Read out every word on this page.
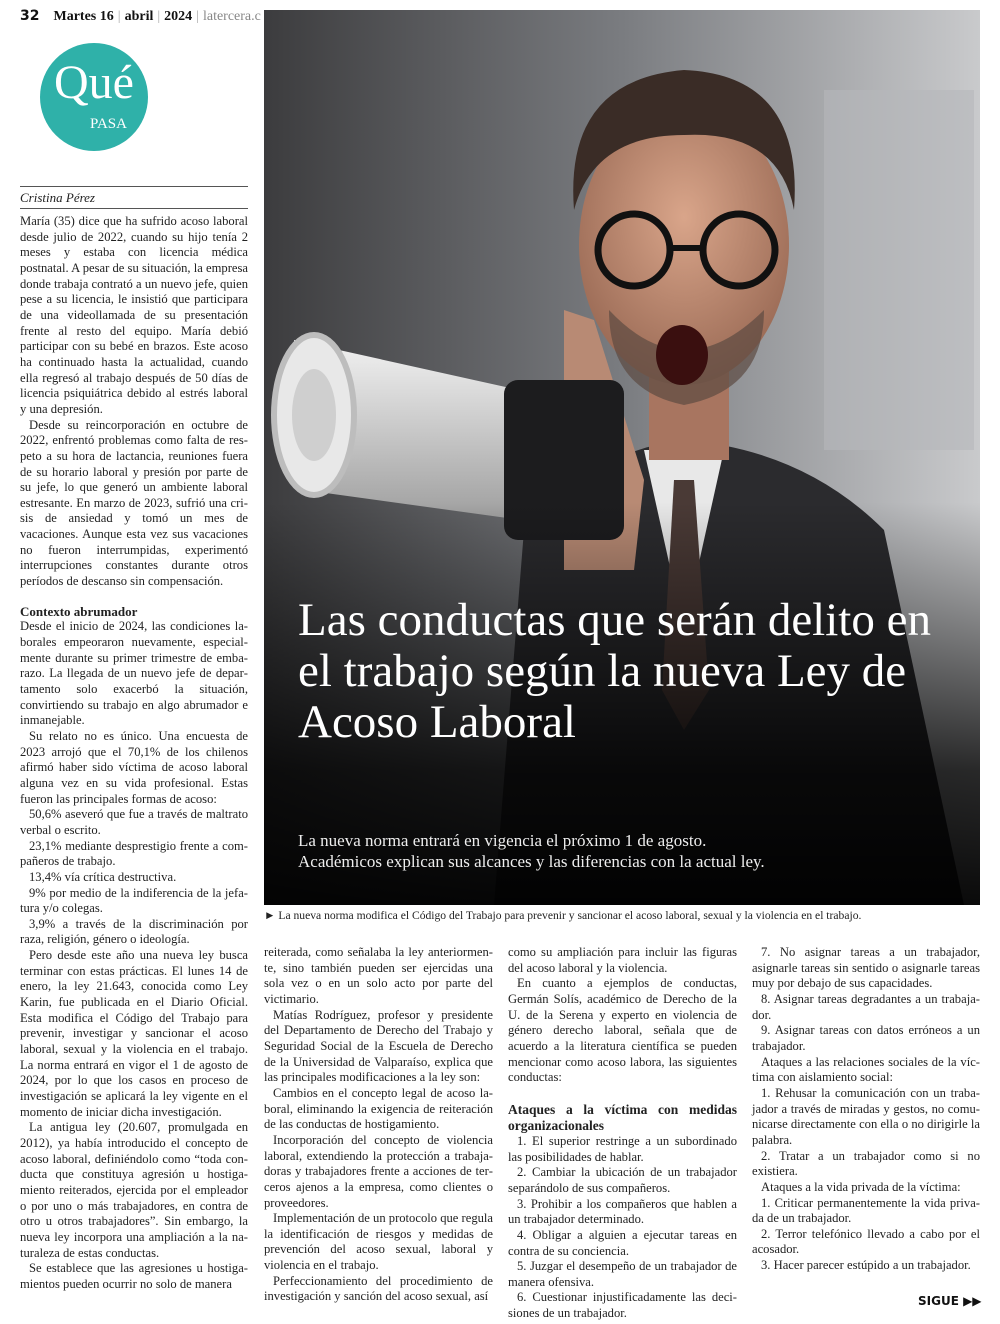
32 Martes 16 | abril | 2024 | latercera.c
Qué
PASA
Cristina Pérez

María (35) dice que ha sufrido acoso laboral desde julio de 2022, cuando su hijo tenía 2 meses y estaba con licencia médica postnatal. A pesar de su situación, la empresa donde trabaja contrató a un nuevo jefe, quien pese a su licencia, le insistió que participara de una videollamada de su presentación frente al resto del equipo. María debió participar con su bebé en brazos. Este acoso ha continuado hasta la actualidad, cuando ella regresó al trabajo después de 50 días de licencia psiquiátrica debido al estrés laboral y una depresión.

Desde su reincorporación en octubre de 2022, enfrentó problemas como falta de respeto a su hora de lactancia, reuniones fuera de su horario laboral y presión por parte de su jefe, lo que generó un ambiente laboral estresante. En marzo de 2023, sufrió una crisis de ansiedad y tomó un mes de vacaciones. Aunque esta vez sus vacaciones no fueron interrumpidas, experimentó interrupciones constantes durante otros períodos de descanso sin compensación.

Contexto abrumador

Desde el inicio de 2024, las condiciones laborales empeoraron nuevamente, especialmente durante su primer trimestre de embarazo. La llegada de un nuevo jefe de departamento solo exacerbó la situación, convirtiendo su trabajo en algo abrumador e inmanejable.

Su relato no es único. Una encuesta de 2023 arrojó que el 70,1% de los chilenos afirmó haber sido víctima de acoso laboral alguna vez en su vida profesional. Estas fueron las principales formas de acoso:

50,6% aseveró que fue a través de maltrato verbal o escrito.

23,1% mediante desprestigio frente a compañeros de trabajo.

13,4% vía crítica destructiva.

9% por medio de la indiferencia de la jefatura y/o colegas.

3,9% a través de la discriminación por raza, religión, género o ideología.

Pero desde este año una nueva ley busca terminar con estas prácticas. El lunes 14 de enero, la ley 21.643, conocida como Ley Karin, fue publicada en el Diario Oficial. Esta modifica el Código del Trabajo para prevenir, investigar y sancionar el acoso laboral, sexual y la violencia en el trabajo. La norma entrará en vigor el 1 de agosto de 2024, por lo que los casos en proceso de investigación se aplicará la ley vigente en el momento de iniciar dicha investigación.

La antigua ley (20.607, promulgada en 2012), ya había introducido el concepto de acoso laboral, definiéndolo como “toda conducta que constituya agresión u hostigamiento reiterados, ejercida por el empleador o por uno o más trabajadores, en contra de otro u otros trabajadores”. Sin embargo, la nueva ley incorpora una ampliación a la naturaleza de estas conductas.

Se establece que las agresiones u hostigamientos pueden ocurrir no solo de manera

Las conductas que serán delito en el trabajo según la nueva Ley de Acoso Laboral
La nueva norma entrará en vigencia el próximo 1 de agosto.
Académicos explican sus alcances y las diferencias con la actual ley.
► La nueva norma modifica el Código del Trabajo para prevenir y sancionar el acoso laboral, sexual y la violencia en el trabajo.

reiterada, como señalaba la ley anteriormente, sino también pueden ser ejercidas una sola vez o en un solo acto por parte del victimario.

Matías Rodríguez, profesor y presidente del Departamento de Derecho del Trabajo y Seguridad Social de la Escuela de Derecho de la Universidad de Valparaíso, explica que las principales modificaciones a la ley son:

Cambios en el concepto legal de acoso laboral, eliminando la exigencia de reiteración de las conductas de hostigamiento.

Incorporación del concepto de violencia laboral, extendiendo la protección a trabajadoras y trabajadores frente a acciones de terceros ajenos a la empresa, como clientes o proveedores.

Implementación de un protocolo que regula la identificación de riesgos y medidas de prevención del acoso sexual, laboral y violencia en el trabajo.

Perfeccionamiento del procedimiento de investigación y sanción del acoso sexual, así

como su ampliación para incluir las figuras del acoso laboral y la violencia.

En cuanto a ejemplos de conductas, Germán Solís, académico de Derecho de la U. de la Serena y experto en violencia de género derecho laboral, señala que de acuerdo a la literatura científica se pueden mencionar como acoso labora, las siguientes conductas:

Ataques a la víctima con medidas organizacionales

1. El superior restringe a un subordinado las posibilidades de hablar.

2. Cambiar la ubicación de un trabajador separándolo de sus compañeros.

3. Prohibir a los compañeros que hablen a un trabajador determinado.

4. Obligar a alguien a ejecutar tareas en contra de su conciencia.

5. Juzgar el desempeño de un trabajador de manera ofensiva.

6. Cuestionar injustificadamente las decisiones de un trabajador.

7. No asignar tareas a un trabajador, asignarle tareas sin sentido o asignarle tareas muy por debajo de sus capacidades.

8. Asignar tareas degradantes a un trabajador.

9. Asignar tareas con datos erróneos a un trabajador.

Ataques a las relaciones sociales de la víctima con aislamiento social:

1. Rehusar la comunicación con un trabajador a través de miradas y gestos, no comunicarse directamente con ella o no dirigirle la palabra.

2. Tratar a un trabajador como si no existiera.

Ataques a la vida privada de la víctima:

1. Criticar permanentemente la vida privada de un trabajador.

2. Terror telefónico llevado a cabo por el acosador.

3. Hacer parecer estúpido a un trabajador.

SIGUE ▶▶
